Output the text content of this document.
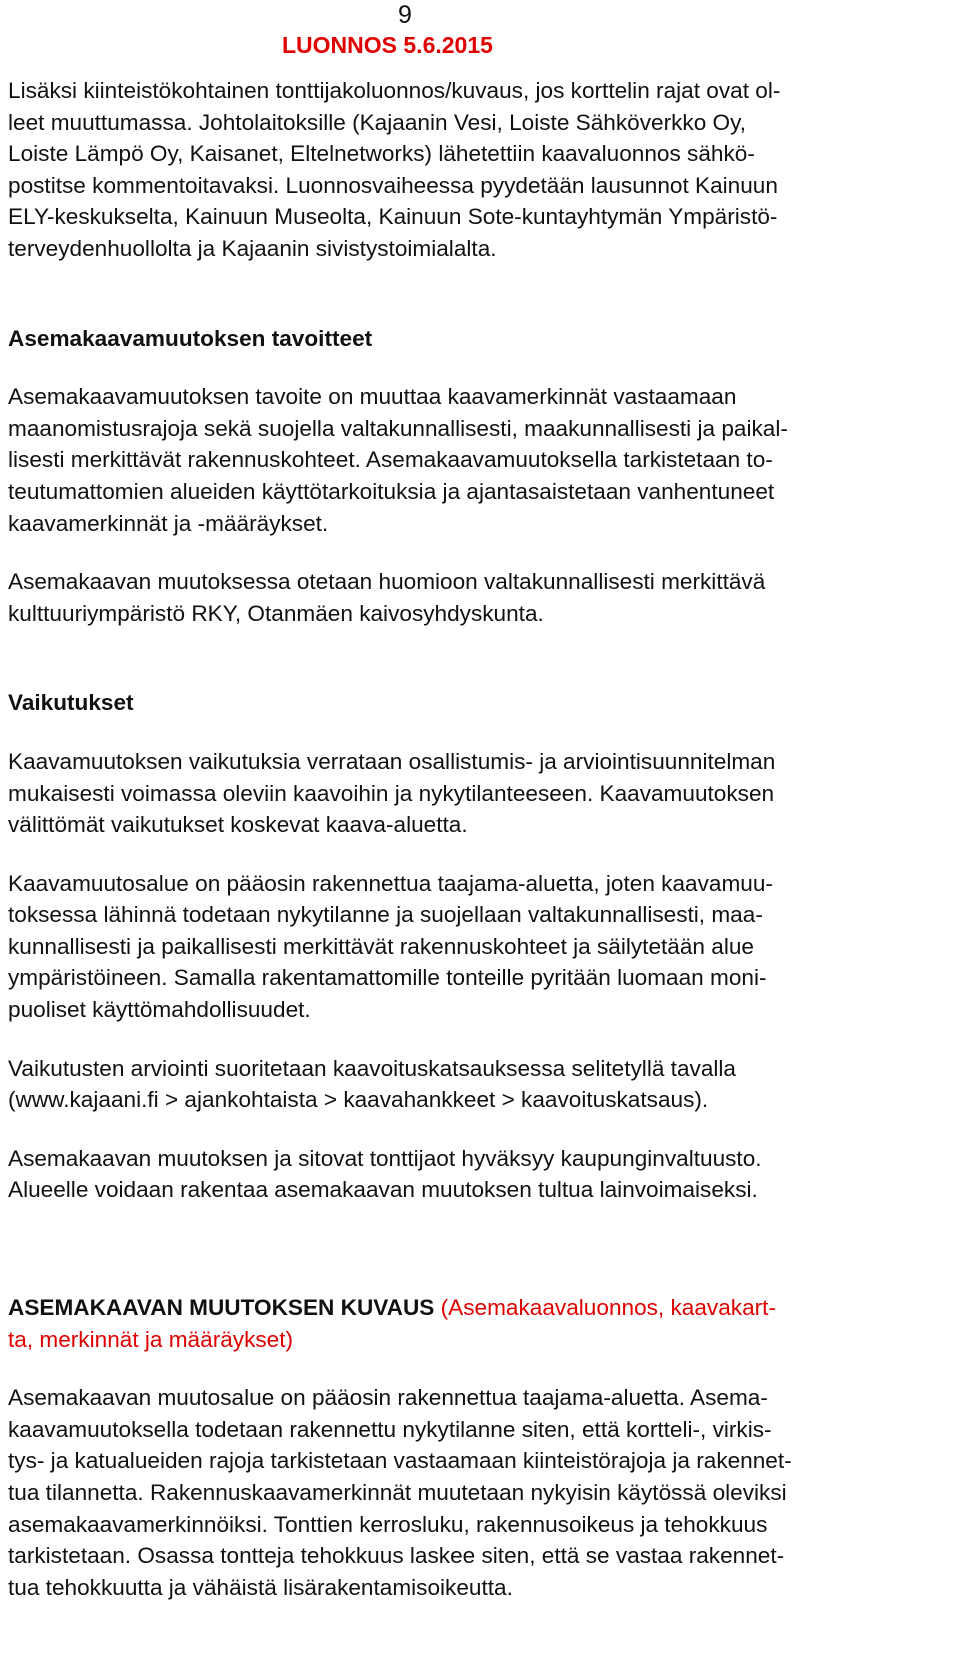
9
LUONNOS 5.6.2015

Lisäksi kiinteistökohtainen tonttijakoluonnos/kuvaus, jos korttelin rajat ovat ol-
leet muuttumassa. Johtolaitoksille (Kajaanin Vesi, Loiste Sähköverkko Oy,
Loiste Lämpö Oy, Kaisanet, Eltelnetworks) lähetettiin kaavaluonnos sähkö-
postitse kommentoitavaksi. Luonnosvaiheessa pyydetään lausunnot Kainuun
ELY-keskukselta, Kainuun Museolta, Kainuun Sote-kuntayhtymän Ympäristö-
terveydenhuollolta ja Kajaanin sivistystoimialalta.

Asemakaavamuutoksen tavoitteet

Asemakaavamuutoksen tavoite on muuttaa kaavamerkinnät vastaamaan
maanomistusrajoja sekä suojella valtakunnallisesti, maakunnallisesti ja paikal-
lisesti merkittävät rakennuskohteet. Asemakaavamuutoksella tarkistetaan to-
teutumattomien alueiden käyttötarkoituksia ja ajantasaistetaan vanhentuneet
kaavamerkinnät ja -määräykset.

Asemakaavan muutoksessa otetaan huomioon valtakunnallisesti merkittävä
kulttuuriympäristö RKY, Otanmäen kaivosyhdyskunta.

Vaikutukset

Kaavamuutoksen vaikutuksia verrataan osallistumis- ja arviointisuunnitelman
mukaisesti voimassa oleviin kaavoihin ja nykytilanteeseen. Kaavamuutoksen
välittömät vaikutukset koskevat kaava-aluetta.

Kaavamuutosalue on pääosin rakennettua taajama-aluetta, joten kaavamuu-
toksessa lähinnä todetaan nykytilanne ja suojellaan valtakunnallisesti, maa-
kunnallisesti ja paikallisesti merkittävät rakennuskohteet ja säilytetään alue
ympäristöineen. Samalla rakentamattomille tonteille pyritään luomaan moni-
puoliset käyttömahdollisuudet.

Vaikutusten arviointi suoritetaan kaavoituskatsauksessa selitetyllä tavalla
(www.kajaani.fi > ajankohtaista > kaavahankkeet > kaavoituskatsaus).

Asemakaavan muutoksen ja sitovat tonttijaot hyväksyy kaupunginvaltuusto.
Alueelle voidaan rakentaa asemakaavan muutoksen tultua lainvoimaiseksi.

ASEMAKAAVAN MUUTOKSEN KUVAUS (Asemakaavaluonnos, kaavakart-
ta, merkinnät ja määräykset)

Asemakaavan muutosalue on pääosin rakennettua taajama-aluetta. Asema-
kaavamuutoksella todetaan rakennettu nykytilanne siten, että kortteli-, virkis-
tys- ja katualueiden rajoja tarkistetaan vastaamaan kiinteistörajoja ja rakennet-
tua tilannetta. Rakennuskaavamerkinnät muutetaan nykyisin käytössä oleviksi
asemakaavamerkinnöiksi. Tonttien kerrosluku, rakennusoikeus ja tehokkuus
tarkistetaan. Osassa tontteja tehokkuus laskee siten, että se vastaa rakennet-
tua tehokkuutta ja vähäistä lisärakentamisoikeutta.
